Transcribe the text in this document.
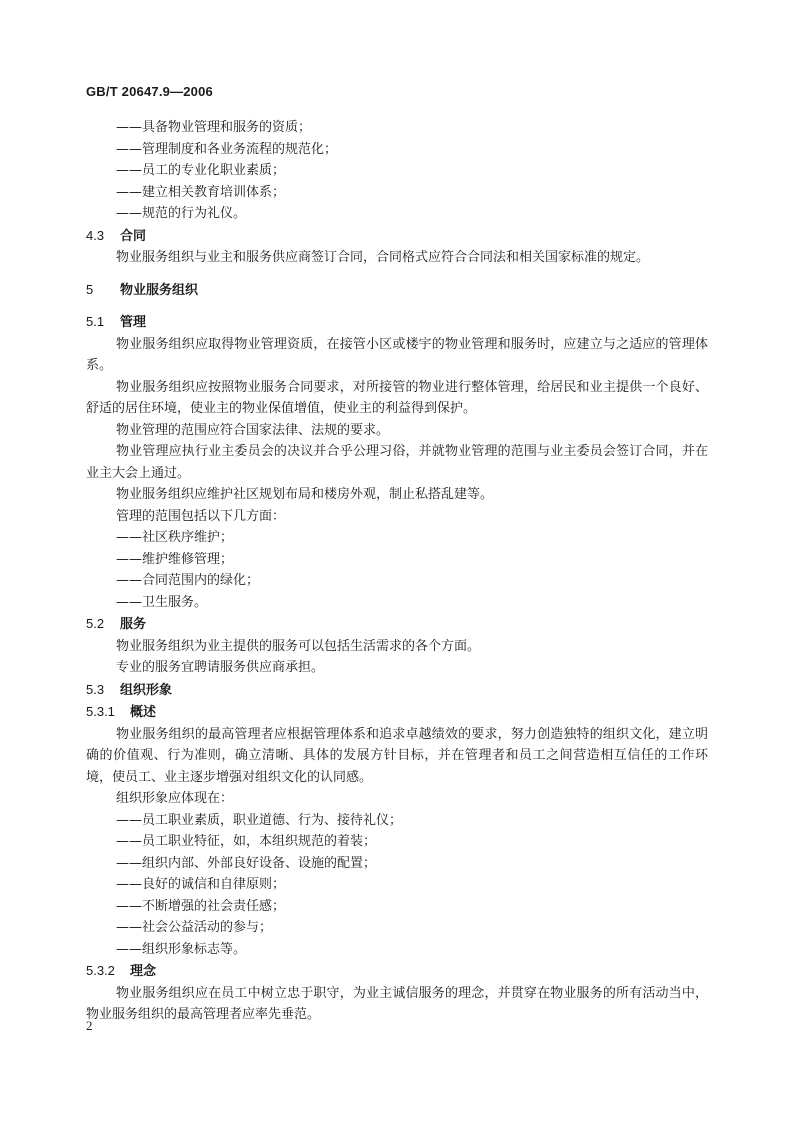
GB/T 20647.9—2006
——具备物业管理和服务的资质；
——管理制度和各业务流程的规范化；
——员工的专业化职业素质；
——建立相关教育培训体系；
——规范的行为礼仪。
4.3 合同
物业服务组织与业主和服务供应商签订合同，合同格式应符合合同法和相关国家标准的规定。
5 物业服务组织
5.1 管理
物业服务组织应取得物业管理资质，在接管小区或楼宇的物业管理和服务时，应建立与之适应的管理体系。
物业服务组织应按照物业服务合同要求，对所接管的物业进行整体管理，给居民和业主提供一个良好、舒适的居住环境，使业主的物业保值增值，使业主的利益得到保护。
物业管理的范围应符合国家法律、法规的要求。
物业管理应执行业主委员会的决议并合乎公理习俗，并就物业管理的范围与业主委员会签订合同，并在业主大会上通过。
物业服务组织应维护社区规划布局和楼房外观，制止私搭乱建等。
管理的范围包括以下几方面：
——社区秩序维护；
——维护维修管理；
——合同范围内的绿化；
——卫生服务。
5.2 服务
物业服务组织为业主提供的服务可以包括生活需求的各个方面。
专业的服务宜聘请服务供应商承担。
5.3 组织形象
5.3.1 概述
物业服务组织的最高管理者应根据管理体系和追求卓越绩效的要求，努力创造独特的组织文化，建立明确的价值观、行为准则，确立清晰、具体的发展方针目标，并在管理者和员工之间营造相互信任的工作环境，使员工、业主逐步增强对组织文化的认同感。
组织形象应体现在：
——员工职业素质，职业道德、行为、接待礼仪；
——员工职业特征，如，本组织规范的着装；
——组织内部、外部良好设备、设施的配置；
——良好的诚信和自律原则；
——不断增强的社会责任感；
——社会公益活动的参与；
——组织形象标志等。
5.3.2 理念
物业服务组织应在员工中树立忠于职守，为业主诚信服务的理念，并贯穿在物业服务的所有活动当中，物业服务组织的最高管理者应率先垂范。
2
